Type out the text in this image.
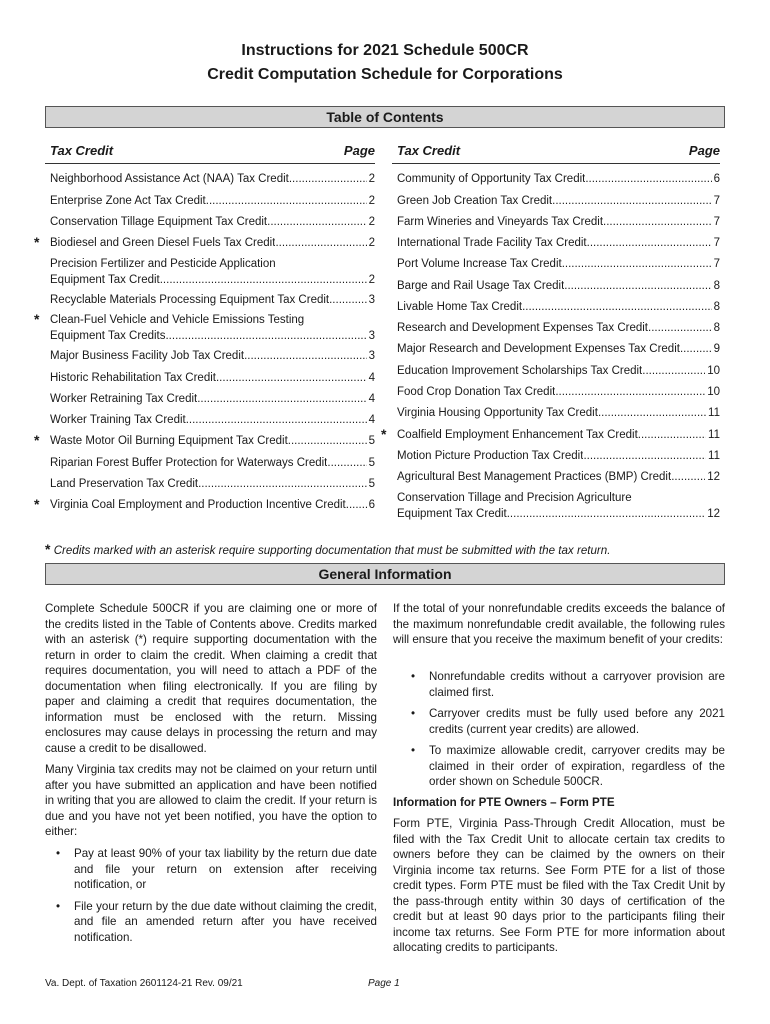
Instructions for 2021 Schedule 500CR
Credit Computation Schedule for Corporations
Table of Contents
Tax Credit	Page
Neighborhood Assistance Act (NAA) Tax Credit .....	2
Enterprise Zone Act Tax Credit .....	2
Conservation Tillage Equipment Tax Credit .....	2
* Biodiesel and Green Diesel Fuels Tax Credit .....	2
Precision Fertilizer and Pesticide Application
Equipment Tax Credit .....	2
Recyclable Materials Processing Equipment Tax Credit .....	3
* Clean-Fuel Vehicle and Vehicle Emissions Testing
Equipment Tax Credits .....	3
Major Business Facility Job Tax Credit .....	3
Historic Rehabilitation Tax Credit .....	4
Worker Retraining Tax Credit .....	4
Worker Training Tax Credit .....	4
* Waste Motor Oil Burning Equipment Tax Credit .....	5
Riparian Forest Buffer Protection for Waterways Credit .....	5
Land Preservation Tax Credit .....	5
* Virginia Coal Employment and Production Incentive Credit ..... 6
Tax Credit	Page
Community of Opportunity Tax Credit .....	6
Green Job Creation Tax Credit .....	7
Farm Wineries and Vineyards Tax Credit .....	7
International Trade Facility Tax Credit .....	7
Port Volume Increase Tax Credit .....	7
Barge and Rail Usage Tax Credit .....	8
Livable Home Tax Credit .....	8
Research and Development Expenses Tax Credit .....	8
Major Research and Development Expenses Tax Credit .....	9
Education Improvement Scholarships Tax Credit .....	10
Food Crop Donation Tax Credit .....	10
Virginia Housing Opportunity Tax Credit .....	11
* Coalfield Employment Enhancement Tax Credit .....	11
Motion Picture Production Tax Credit .....	11
Agricultural Best Management Practices (BMP) Credit .....	12
Conservation Tillage and Precision Agriculture
Equipment Tax Credit .....	12
* Credits marked with an asterisk require supporting documentation that must be submitted with the tax return.
General Information
Complete Schedule 500CR if you are claiming one or more of the credits listed in the Table of Contents above. Credits marked with an asterisk (*) require supporting documentation with the return in order to claim the credit. When claiming a credit that requires documentation, you will need to attach a PDF of the documentation when filing electronically. If you are filing by paper and claiming a credit that requires documentation, the information must be enclosed with the return. Missing enclosures may cause delays in processing the return and may cause a credit to be disallowed.
Many Virginia tax credits may not be claimed on your return until after you have submitted an application and have been notified in writing that you are allowed to claim the credit. If your return is due and you have not yet been notified, you have the option to either:
• Pay at least 90% of your tax liability by the return due date and file your return on extension after receiving notification, or
• File your return by the due date without claiming the credit, and file an amended return after you have received notification.
If the total of your nonrefundable credits exceeds the balance of the maximum nonrefundable credit available, the following rules will ensure that you receive the maximum benefit of your credits:
• Nonrefundable credits without a carryover provision are claimed first.
• Carryover credits must be fully used before any 2021 credits (current year credits) are allowed.
• To maximize allowable credit, carryover credits may be claimed in their order of expiration, regardless of the order shown on Schedule 500CR.
Information for PTE Owners – Form PTE
Form PTE, Virginia Pass-Through Credit Allocation, must be filed with the Tax Credit Unit to allocate certain tax credits to owners before they can be claimed by the owners on their Virginia income tax returns. See Form PTE for a list of those credit types. Form PTE must be filed with the Tax Credit Unit by the pass-through entity within 30 days of certification of the credit but at least 90 days prior to the participants filing their income tax returns. See Form PTE for more information about allocating credits to participants.
Va. Dept. of Taxation 2601124-21 Rev. 09/21	Page 1
